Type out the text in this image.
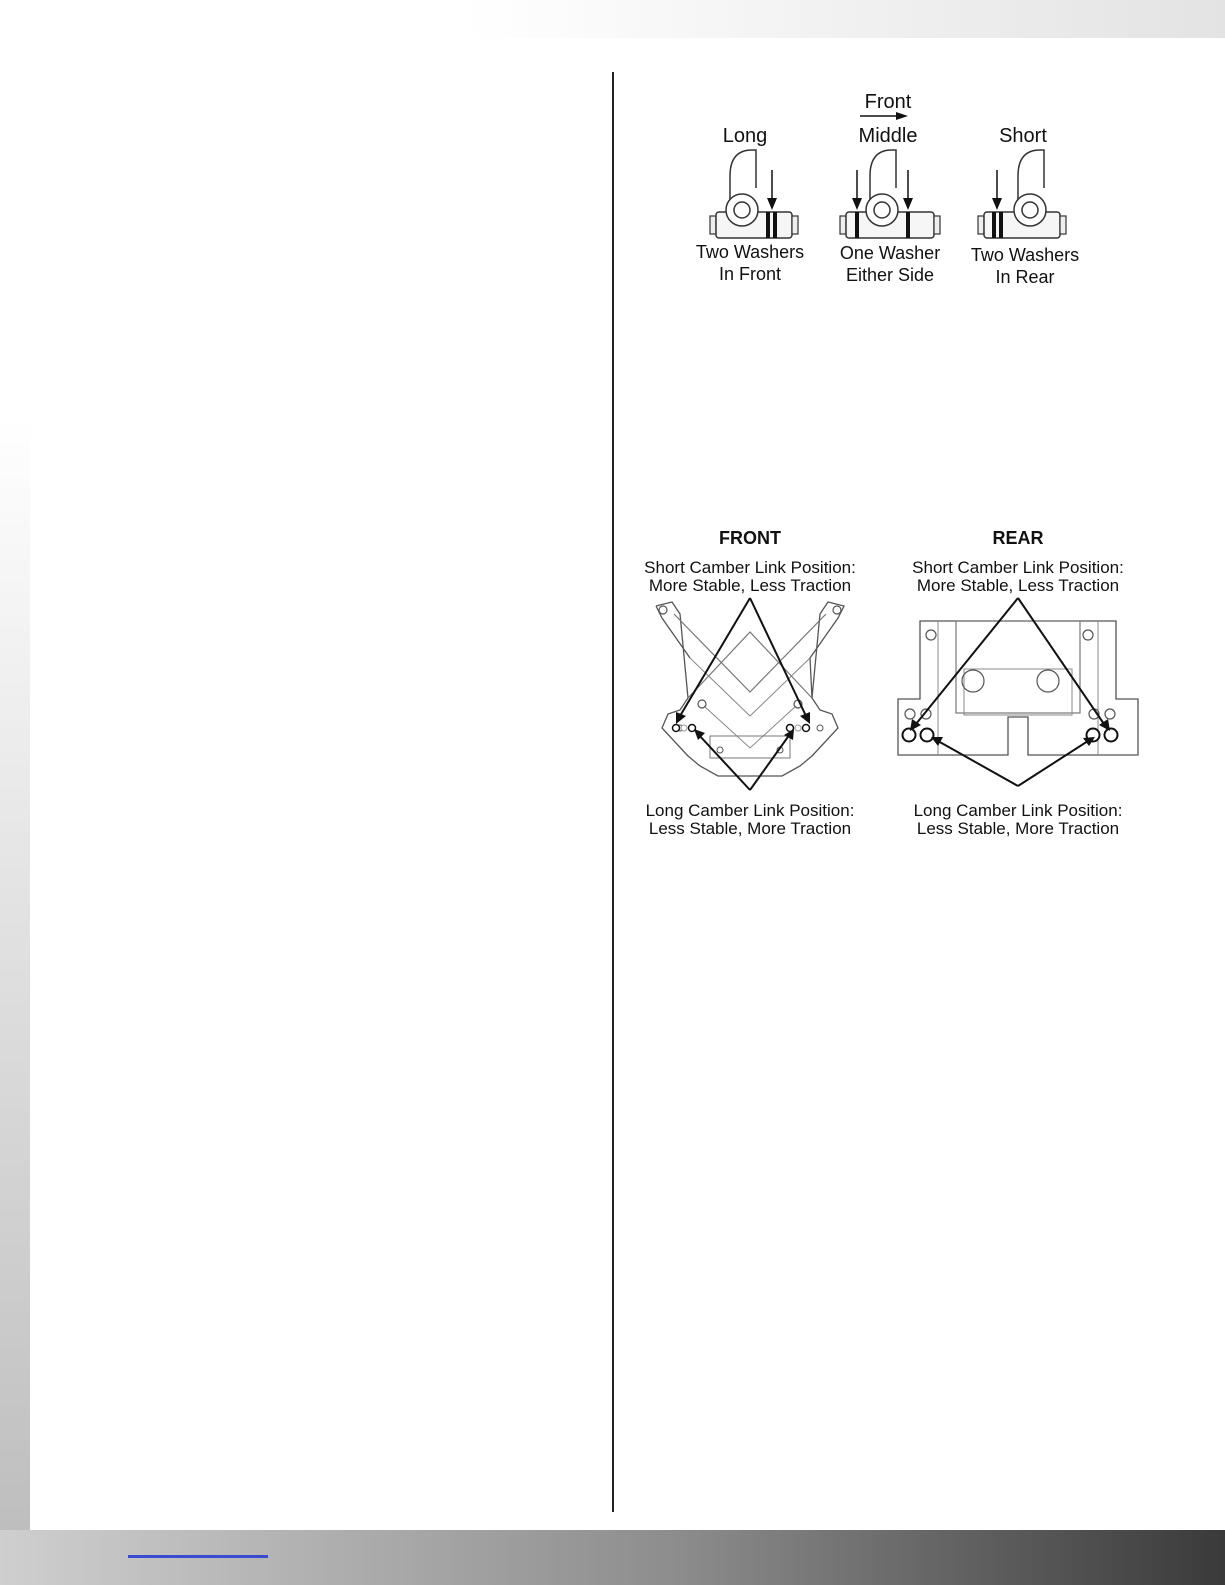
Front
Long
Two Washers
In Front
Middle
One Washer
Either Side
Short
Two Washers
In Rear
FRONT
Short Camber Link Position:
More Stable, Less Traction
Long Camber Link Position:
Less Stable, More Traction
REAR
Short Camber Link Position:
More Stable, Less Traction
Long Camber Link Position:
Less Stable, More Traction
